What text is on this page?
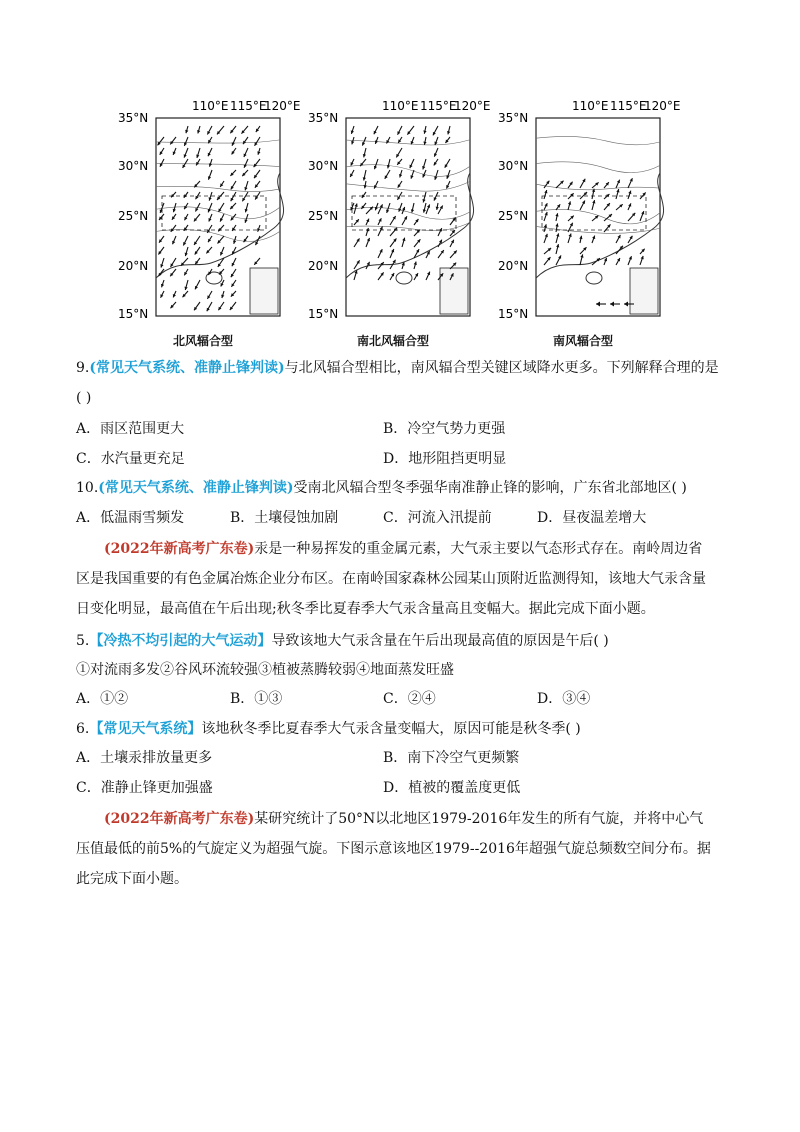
110°E 115°E
120°E
35°N
30°N
25°N
20°N
15°N
110°E 115°E
120°E
35°N
30°N
25°N
20°N
15°N
110°E 115°E
120°E
35°N
30°N
25°N
20°N
15°N
北风辐合型	南北风辐合型	南风辐合型
9.(常见天气系统、准静止锋判读)与北风辐合型相比，南风辐合型关键区域降水更多。下列解释合理的是
( )
A．雨区范围更大	B．冷空气势力更强
C．水汽量更充足	D．地形阻挡更明显
10.(常见天气系统、准静止锋判读)受南北风辐合型冬季强华南准静止锋的影响，广东省北部地区( )
A．低温雨雪频发	B．土壤侵蚀加剧	C．河流入汛提前	D．昼夜温差增大
(2022年新高考广东卷)汞是一种易挥发的重金属元素，大气汞主要以气态形式存在。南岭周边省区是我国重要的有色金属冶炼企业分布区。在南岭国家森林公园某山顶附近监测得知，该地大气汞含量日变化明显，最高值在午后出现;秋冬季比夏春季大气汞含量高且变幅大。据此完成下面小题。
5.【冷热不均引起的大气运动】导致该地大气汞含量在午后出现最高值的原因是午后( )
①对流雨多发②谷风环流较强③植被蒸腾较弱④地面蒸发旺盛
A．①②	B．①③	C．②④	D．③④
6.【常见天气系统】该地秋冬季比夏春季大气汞含量变幅大，原因可能是秋冬季( )
A．土壤汞排放量更多	B．南下冷空气更频繁
C．准静止锋更加强盛	D．植被的覆盖度更低
(2022年新高考广东卷)某研究统计了50°N以北地区1979-2016年发生的所有气旋，并将中心气压值最低的前5%的气旋定义为超强气旋。下图示意该地区1979--2016年超强气旋总频数空间分布。据此完成下面小题。
